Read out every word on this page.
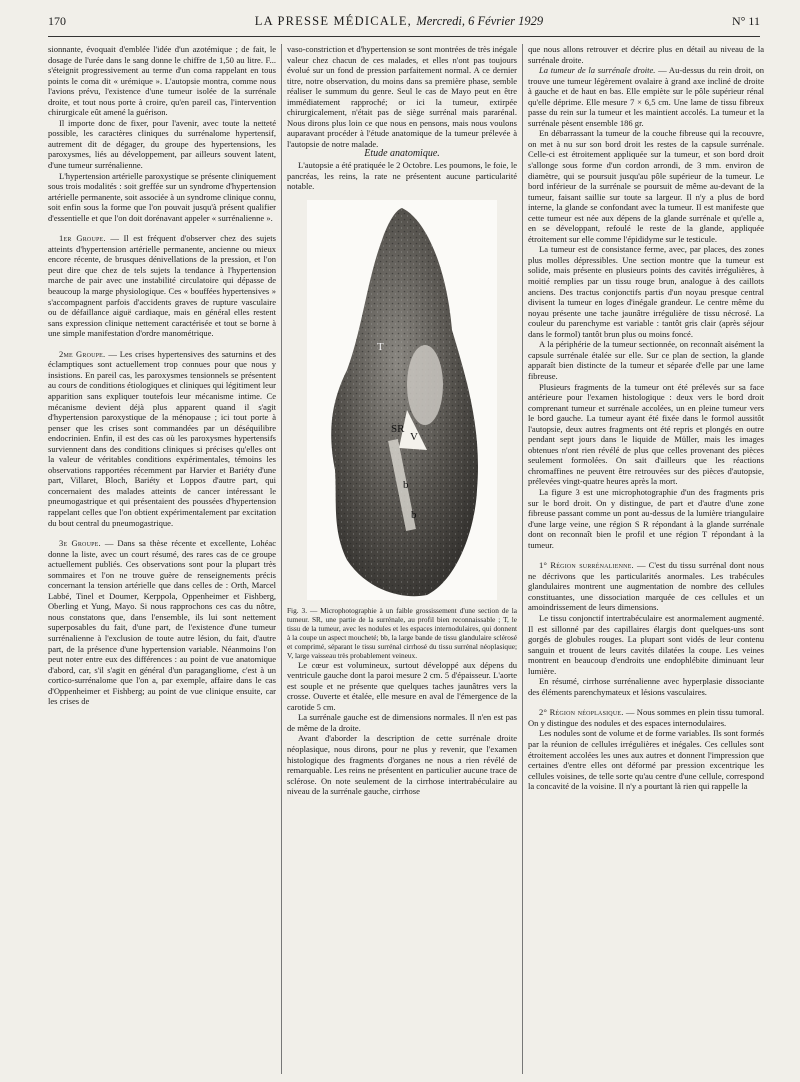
170	LA PRESSE MÉDICALE, Mercredi, 6 Février 1929	N° 11

sionnante, évoquait d'emblée l'idée d'un azotémique ; de fait, le dosage de l'urée dans le sang donne le chiffre de 1,50 au litre. F... s'éteignit progressivement au terme d'un coma rappelant en tous points le coma dit « urémique ». L'autopsie montra, comme nous l'avions prévu, l'existence d'une tumeur isolée de la surrénale droite, et tout nous porte à croire, qu'en pareil cas, l'intervention chirurgicale eût amené la guérison.

Il importe donc de fixer, pour l'avenir, avec toute la netteté possible, les caractères cliniques du surrénalome hypertensif, autrement dit de dégager, du groupe des hypertensions, les paroxysmes, liés au développement, par ailleurs souvent latent, d'une tumeur surrénalienne.

L'hypertension artérielle paroxystique se présente cliniquement sous trois modalités : soit greffée sur un syndrome d'hypertension artérielle permanente, soit associée à un syndrome clinique connu, soit enfin sous la forme que l'on pouvait jusqu'à présent qualifier d'essentielle et que l'on doit dorénavant appeler « surrénalienne ».

1er Groupe. — Il est fréquent d'observer chez des sujets atteints d'hypertension artérielle permanente, ancienne ou mieux encore récente, de brusques dénivellations de la pression, et l'on peut dire que chez de tels sujets la tendance à l'hypertension marche de pair avec une instabilité circulatoire qui dépasse de beaucoup la marge physiologique. Ces « bouffées hypertensives » s'accompagnent parfois d'accidents graves de rupture vasculaire ou de défaillance aiguë cardiaque, mais en général elles restent sans expression clinique nettement caractérisée et tout se borne à une simple manifestation d'ordre manométrique.

2me Groupe. — Les crises hypertensives des saturnins et des éclamptiques sont actuellement trop connues pour que nous y insistions. En pareil cas, les paroxysmes tensionnels se présentent au cours de conditions étiologiques et cliniques qui légitiment leur apparition sans expliquer toutefois leur mécanisme intime. Ce mécanisme devient déjà plus apparent quand il s'agit d'hypertension paroxystique de la ménopause ; ici tout porte à penser que les crises sont commandées par un déséquilibre endocrinien. Enfin, il est des cas où les paroxysmes hypertensifs surviennent dans des conditions cliniques si précises qu'elles ont la valeur de véritables conditions expérimentales, témoins les observations rapportées récemment par Harvier et Bariéty d'une part, Villaret, Bloch, Bariéty et Loppos d'autre part, qui concernaient des malades atteints de cancer intéressant le pneumogastrique et qui présentaient des poussées d'hypertension rappelant celles que l'on obtient expérimentalement par excitation du bout central du pneumogastrique.

3e Groupe. — Dans sa thèse récente et excellente, Lohéac donne la liste, avec un court résumé, des rares cas de ce groupe actuellement publiés. Ces observations sont pour la plupart très sommaires et l'on ne trouve guère de renseignements précis concernant la tension artérielle que dans celles de : Orth, Marcel Labbé, Tinel et Doumer, Kerppola, Oppenheimer et Fishberg, Oberling et Yung, Mayo. Si nous rapprochons ces cas du nôtre, nous constatons que, dans l'ensemble, ils lui sont nettement superposables du fait, d'une part, de l'existence d'une tumeur surrénalienne à l'exclusion de toute autre lésion, du fait, d'autre part, de la présence d'une hypertension variable. Néanmoins l'on peut noter entre eux des différences : au point de vue anatomique d'abord, car, s'il s'agit en général d'un paragangliome, c'est à un cortico-surrénalome que l'on a, par exemple, affaire dans le cas d'Oppenheimer et Fishberg; au point de vue clinique ensuite, car les crises de

vaso-constriction et d'hypertension se sont montrées de très inégale valeur chez chacun de ces malades, et elles n'ont pas toujours évolué sur un fond de pression parfaitement normal. A ce dernier titre, notre observation, du moins dans sa première phase, semble réaliser le summum du genre. Seul le cas de Mayo peut en être immédiatement rapproché; or ici la tumeur, extirpée chirurgicalement, n'était pas de siège surrénal mais pararénal. Nous dirons plus loin ce que nous en pensons, mais nous voulons auparavant procéder à l'étude anatomique de la tumeur prélevée à l'autopsie de notre malade.

Etude anatomique.

L'autopsie a été pratiquée le 2 Octobre. Les poumons, le foie, le pancréas, les reins, la rate ne présentent aucune particularité notable.

SR
V
T
b
b

Fig. 3. — Microphotographie à un faible grossissement d'une section de la tumeur. SR, une partie de la surrénale, au profil bien reconnaissable ; T, le tissu de la tumeur, avec les nodules et les espaces internodulaires, qui donnent à la coupe un aspect moucheté; bb, la large bande de tissu glandulaire sclérosé et comprimé, séparant le tissu surrénal cirrhosé du tissu surrénal néoplasique; V, large vaisseau très probablement veineux.

Le cœur est volumineux, surtout développé aux dépens du ventricule gauche dont la paroi mesure 2 cm. 5 d'épaisseur. L'aorte est souple et ne présente que quelques taches jaunâtres vers la crosse. Ouverte et étalée, elle mesure en aval de l'émergence de la carotide 5 cm.

La surrénale gauche est de dimensions normales. Il n'en est pas de même de la droite.

Avant d'aborder la description de cette surrénale droite néoplasique, nous dirons, pour ne plus y revenir, que l'examen histologique des fragments d'organes ne nous a rien révélé de remarquable. Les reins ne présentent en particulier aucune trace de sclérose. On note seulement de la cirrhose intertrabéculaire au niveau de la surrénale gauche, cirrhose

que nous allons retrouver et décrire plus en détail au niveau de la surrénale droite.

La tumeur de la surrénale droite. — Au-dessus du rein droit, on trouve une tumeur légèrement ovalaire à grand axe incliné de droite à gauche et de haut en bas. Elle empiète sur le pôle supérieur rénal qu'elle déprime. Elle mesure 7 × 6,5 cm. Une lame de tissu fibreux passe du rein sur la tumeur et les maintient accolés. La tumeur et la surrénale pèsent ensemble 186 gr.

En débarrassant la tumeur de la couche fibreuse qui la recouvre, on met à nu sur son bord droit les restes de la capsule surrénale. Celle-ci est étroitement appliquée sur la tumeur, et son bord droit s'allonge sous forme d'un cordon arrondi, de 3 mm. environ de diamètre, qui se poursuit jusqu'au pôle supérieur de la tumeur. Le bord inférieur de la surrénale se poursuit de même au-devant de la tumeur, faisant saillie sur toute sa largeur. Il n'y a plus de bord interne, la glande se confondant avec la tumeur. Il est manifeste que cette tumeur est née aux dépens de la glande surrénale et qu'elle a, en se développant, refoulé le reste de la glande, appliquée étroitement sur elle comme l'épididyme sur le testicule.

La tumeur est de consistance ferme, avec, par places, des zones plus molles dépressibles. Une section montre que la tumeur est solide, mais présente en plusieurs points des cavités irrégulières, à moitié remplies par un tissu rouge brun, analogue à des caillots anciens. Des tractus conjonctifs partis d'un noyau presque central divisent la tumeur en loges d'inégale grandeur. Le centre même du noyau présente une tache jaunâtre irrégulière de tissu nécrosé. La couleur du parenchyme est variable : tantôt gris clair (après séjour dans le formol) tantôt brun plus ou moins foncé.

A la périphérie de la tumeur sectionnée, on reconnaît aisément la capsule surrénale étalée sur elle. Sur ce plan de section, la glande apparaît bien distincte de la tumeur et séparée d'elle par une lame fibreuse.

Plusieurs fragments de la tumeur ont été prélevés sur sa face antérieure pour l'examen histologique : deux vers le bord droit comprenant tumeur et surrénale accolées, un en pleine tumeur vers le bord gauche. La tumeur ayant été fixée dans le formol aussitôt l'autopsie, deux autres fragments ont été repris et plongés en outre pendant sept jours dans le liquide de Müller, mais les images obtenues n'ont rien révélé de plus que celles provenant des pièces seulement formolées. On sait d'ailleurs que les réactions chromaffines ne peuvent être retrouvées sur des pièces d'autopsie, prélevées vingt-quatre heures après la mort.

La figure 3 est une microphotographie d'un des fragments pris sur le bord droit. On y distingue, de part et d'autre d'une zone fibreuse passant comme un pont au-dessus de la lumière triangulaire d'une large veine, une région S R répondant à la glande surrénale dont on reconnaît bien le profil et une région T répondant à la tumeur.

1° Région surrénalienne. — C'est du tissu surrénal dont nous ne décrivons que les particularités anormales. Les trabécules glandulaires montrent une augmentation de nombre des cellules constituantes, une dissociation marquée de ces cellules et un amoindrissement de leurs dimensions.

Le tissu conjonctif intertrabéculaire est anormalement augmenté. Il est sillonné par des capillaires élargis dont quelques-uns sont gorgés de globules rouges. La plupart sont vidés de leur contenu sanguin et trouent de leurs cavités dilatées la coupe. Les veines montrent en beaucoup d'endroits une endophlébite diminuant leur lumière.

En résumé, cirrhose surrénalienne avec hyperplasie dissociante des éléments parenchymateux et lésions vasculaires.

2° Région néoplasique. — Nous sommes en plein tissu tumoral. On y distingue des nodules et des espaces internodulaires.

Les nodules sont de volume et de forme variables. Ils sont formés par la réunion de cellules irrégulières et inégales. Ces cellules sont étroitement accolées les unes aux autres et donnent l'impression que certaines d'entre elles ont déformé par pression excentrique les cellules voisines, de telle sorte qu'au centre d'une cellule, correspond la concavité de la voisine. Il n'y a pourtant là rien qui rappelle la
